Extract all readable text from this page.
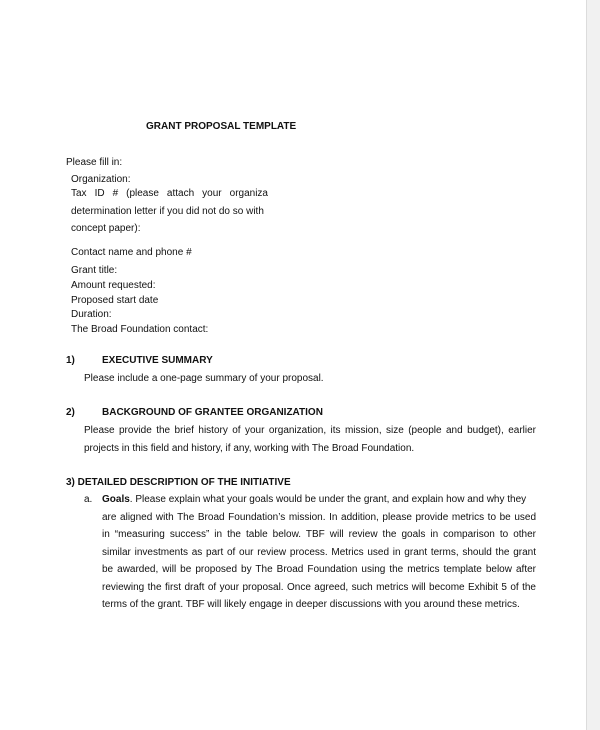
GRANT PROPOSAL TEMPLATE
Please fill in:
Organization:
Tax ID # (please attach your organiza
determination letter if you did not do so with
concept paper):
Contact name and phone #
Grant title:
Amount requested:
Proposed start date
Duration:
The Broad Foundation contact:
1)	EXECUTIVE SUMMARY
Please include a one-page summary of your proposal.
2)	BACKGROUND OF GRANTEE ORGANIZATION
Please provide the brief history of your organization, its mission, size (people and budget), earlier
projects in this field and history, if any, working with The Broad Foundation.
3) DETAILED DESCRIPTION OF THE INITIATIVE
a. Goals. Please explain what your goals would be under the grant, and explain how and why they
are aligned with The Broad Foundation’s mission. In addition, please provide metrics to be used
in “measuring success” in the table below. TBF will review the goals in comparison to other
similar investments as part of our review process. Metrics used in grant terms, should the grant
be awarded, will be proposed by The Broad Foundation using the metrics template below after
reviewing the first draft of your proposal. Once agreed, such metrics will become Exhibit 5 of the
terms of the grant. TBF will likely engage in deeper discussions with you around these metrics.
